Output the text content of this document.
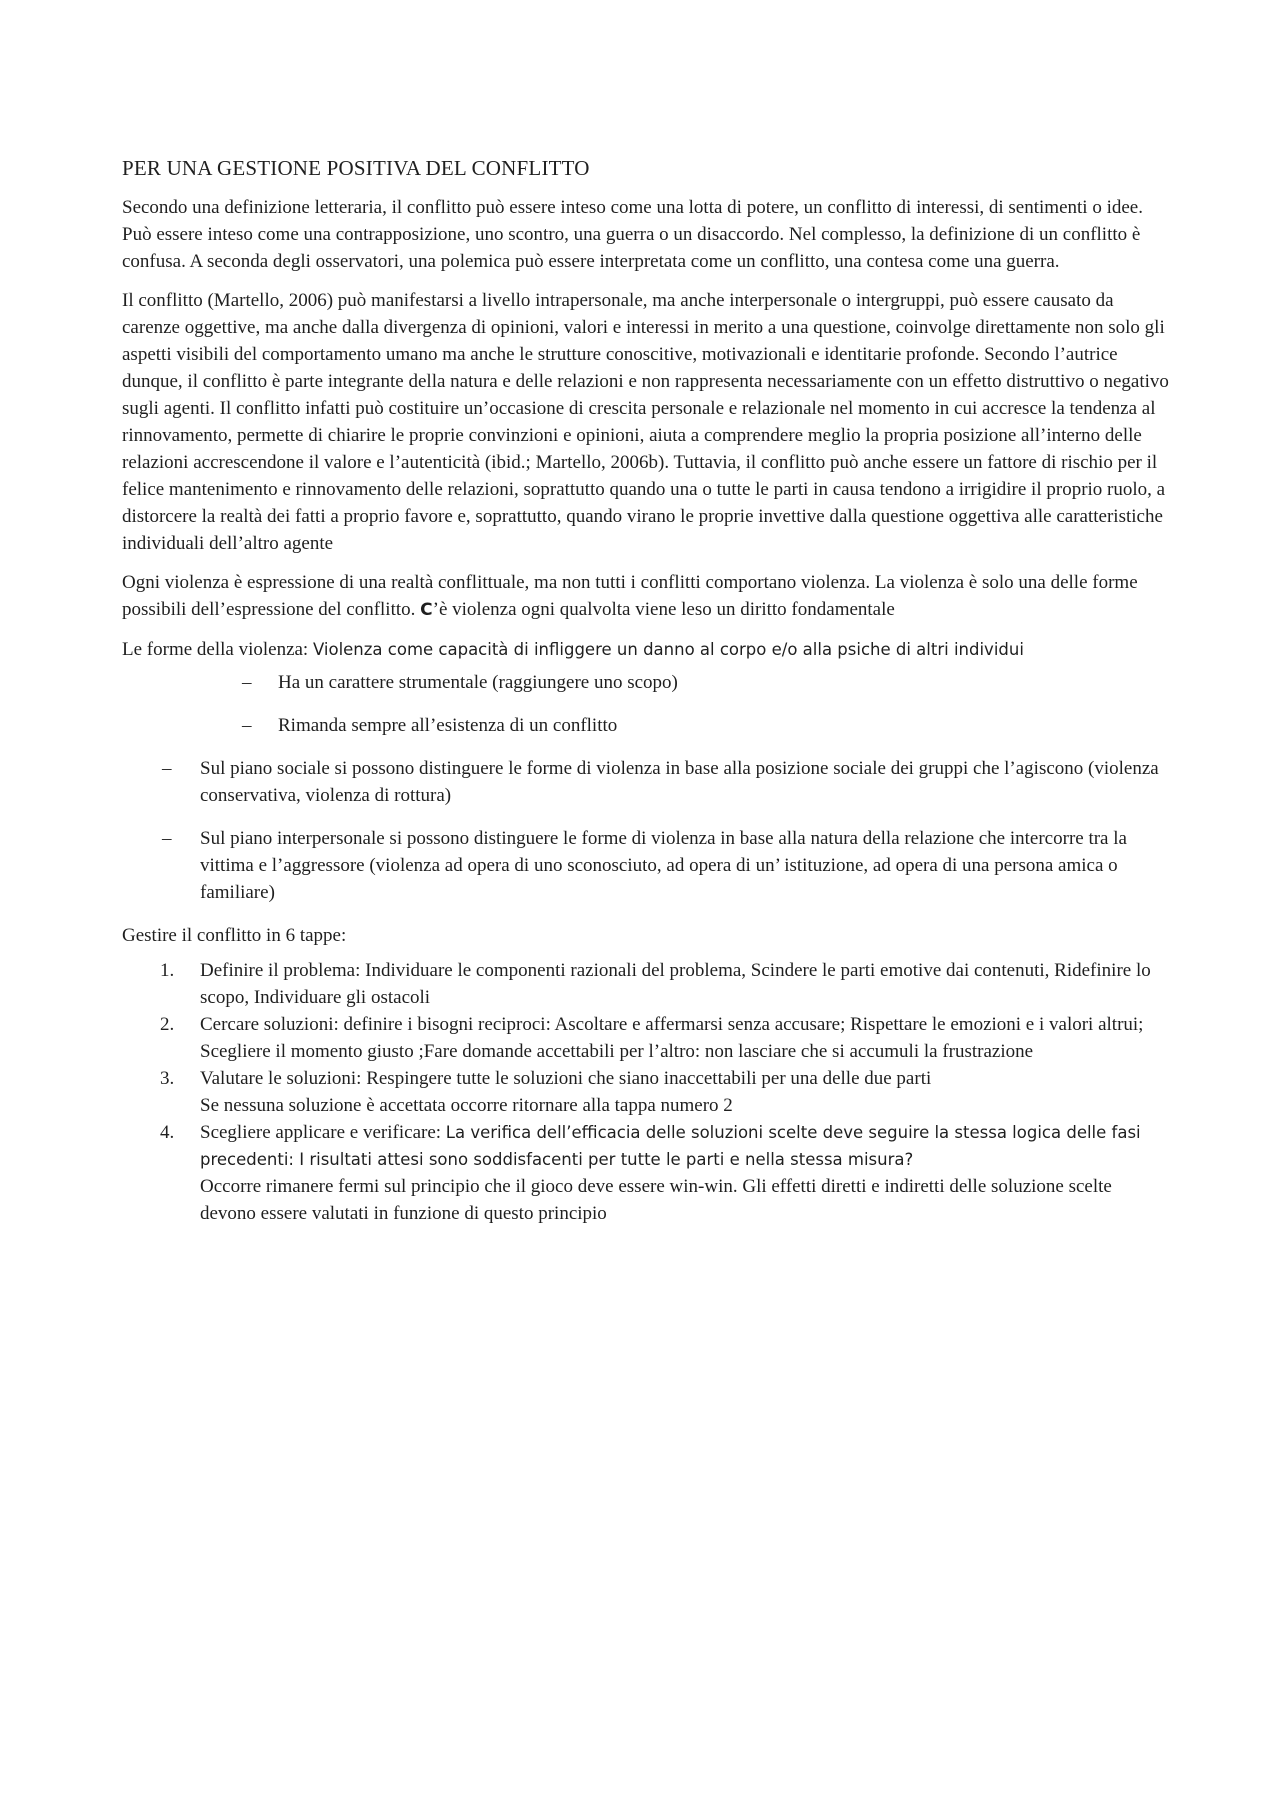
PER UNA GESTIONE POSITIVA DEL CONFLITTO

Secondo una definizione letteraria, il conflitto può essere inteso come una lotta di potere, un conflitto di interessi, di sentimenti o idee. Può essere inteso come una contrapposizione, uno scontro, una guerra o un disaccordo. Nel complesso, la definizione di un conflitto è confusa. A seconda degli osservatori, una polemica può essere interpretata come un conflitto, una contesa come una guerra.

Il conflitto (Martello, 2006) può manifestarsi a livello intrapersonale, ma anche interpersonale o intergruppi, può essere causato da carenze oggettive, ma anche dalla divergenza di opinioni, valori e interessi in merito a una questione, coinvolge direttamente non solo gli aspetti visibili del comportamento umano ma anche le strutture conoscitive, motivazionali e identitarie profonde. Secondo l’autrice dunque, il conflitto è parte integrante della natura e delle relazioni e non rappresenta necessariamente con un effetto distruttivo o negativo sugli agenti. Il conflitto infatti può costituire un’occasione di crescita personale e relazionale nel momento in cui accresce la tendenza al rinnovamento, permette di chiarire le proprie convinzioni e opinioni, aiuta a comprendere meglio la propria posizione all’interno delle relazioni accrescendone il valore e l’autenticità (ibid.; Martello, 2006b). Tuttavia, il conflitto può anche essere un fattore di rischio per il felice mantenimento e rinnovamento delle relazioni, soprattutto quando una o tutte le parti in causa tendono a irrigidire il proprio ruolo, a distorcere la realtà dei fatti a proprio favore e, soprattutto, quando virano le proprie invettive dalla questione oggettiva alle caratteristiche individuali dell’altro agente

Ogni violenza è espressione di una realtà conflittuale, ma non tutti i conflitti comportano violenza. La violenza è solo una delle forme possibili dell’espressione del conflitto. C’è violenza ogni qualvolta viene leso un diritto fondamentale

Le forme della violenza: Violenza come capacità di infliggere un danno al corpo e/o alla psiche di altri individui

– Ha un carattere strumentale (raggiungere uno scopo)
– Rimanda sempre all’esistenza di un conflitto
– Sul piano sociale si possono distinguere le forme di violenza in base alla posizione sociale dei gruppi che l’agiscono (violenza conservativa, violenza di rottura)
– Sul piano interpersonale si possono distinguere le forme di violenza in base alla natura della relazione che intercorre tra la vittima e l’aggressore (violenza ad opera di uno sconosciuto, ad opera di un’ istituzione, ad opera di una persona amica o familiare)

Gestire il conflitto in 6 tappe:

1. Definire il problema: Individuare le componenti razionali del problema, Scindere le parti emotive dai contenuti, Ridefinire lo scopo, Individuare gli ostacoli
2. Cercare soluzioni: definire i bisogni reciproci: Ascoltare e affermarsi senza accusare; Rispettare le emozioni e i valori altrui; Scegliere il momento giusto ;Fare domande accettabili per l’altro: non lasciare che si accumuli la frustrazione
3. Valutare le soluzioni: Respingere tutte le soluzioni che siano inaccettabili per una delle due parti
Se nessuna soluzione è accettata occorre ritornare alla tappa numero 2
4. Scegliere applicare e verificare: La verifica dell’efficacia delle soluzioni scelte deve seguire la stessa logica delle fasi precedenti: I risultati attesi sono soddisfacenti per tutte le parti e nella stessa misura?
Occorre rimanere fermi sul principio che il gioco deve essere win-win. Gli effetti diretti e indiretti delle soluzione scelte devono essere valutati in funzione di questo principio
